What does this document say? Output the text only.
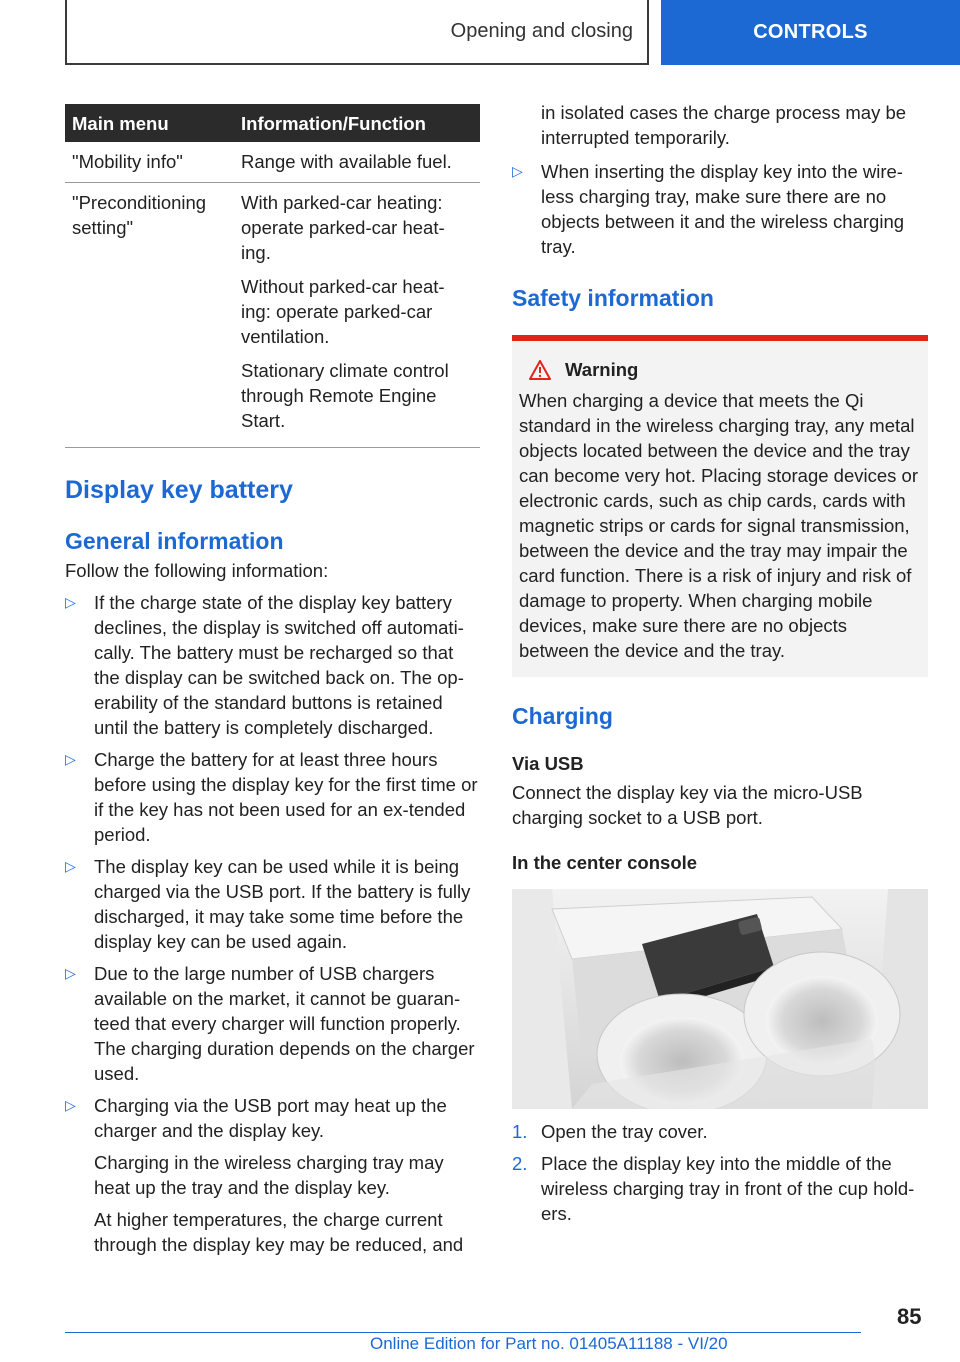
Opening and closing	CONTROLS
Main menu	Information/Function
"Mobility info"	Range with available fuel.

"Preconditioning setting"	With parked-car heating: operate parked-car heat-ing.

Without parked-car heat-ing: operate parked-car ventilation.

Stationary climate control through Remote Engine Start.

Display key battery
General information

Follow the following information:

▷ If the charge state of the display key battery declines, the display is switched off automati-cally. The battery must be recharged so that the display can be switched back on. The op-erability of the standard buttons is retained until the battery is completely discharged.
▷ Charge the battery for at least three hours before using the display key for the first time or if the key has not been used for an ex-tended period.
▷ The display key can be used while it is being charged via the USB port. If the battery is fully discharged, it may take some time before the display key can be used again.
▷ Due to the large number of USB chargers available on the market, it cannot be guaran-teed that every charger will function properly. The charging duration depends on the charger used.
▷ Charging via the USB port may heat up the charger and the display key.

Charging in the wireless charging tray may heat up the tray and the display key.

At higher temperatures, the charge current through the display key may be reduced, and

in isolated cases the charge process may be interrupted temporarily.

▷ When inserting the display key into the wire-less charging tray, make sure there are no objects between it and the wireless charging tray.
Safety information
Warning

When charging a device that meets the Qi standard in the wireless charging tray, any metal objects located between the device and the tray can become very hot. Placing storage devices or electronic cards, such as chip cards, cards with magnetic strips or cards for signal transmission, between the device and the tray may impair the card function. There is a risk of injury and risk of damage to property. When charging mobile devices, make sure there are no objects between the device and the tray.

Charging
Via USB

Connect the display key via the micro-USB charging socket to a USB port.

In the center console
1. Open the tray cover.
2. Place the display key into the middle of the wireless charging tray in front of the cup hold-ers.
85
Online Edition for Part no. 01405A11188 - VI/20
